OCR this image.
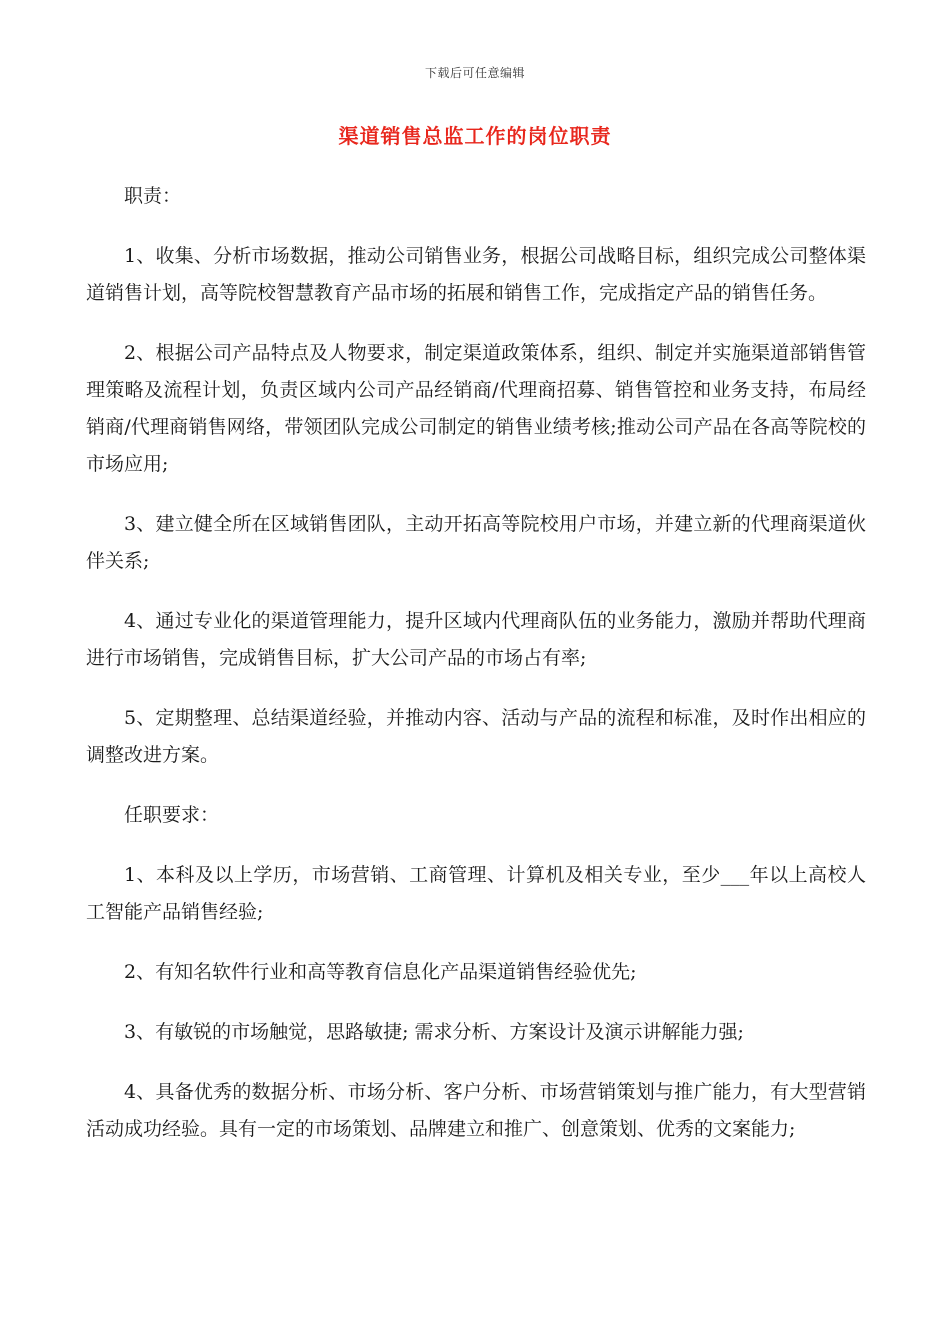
下载后可任意编辑
渠道销售总监工作的岗位职责

职责：

1、收集、分析市场数据，推动公司销售业务，根据公司战略目标，组织完成公司整体渠道销售计划，高等院校智慧教育产品市场的拓展和销售工作，完成指定产品的销售任务。

2、根据公司产品特点及人物要求，制定渠道政策体系，组织、制定并实施渠道部销售管理策略及流程计划，负责区域内公司产品经销商/代理商招募、销售管控和业务支持，布局经销商/代理商销售网络，带领团队完成公司制定的销售业绩考核;推动公司产品在各高等院校的市场应用;

3、建立健全所在区域销售团队，主动开拓高等院校用户市场，并建立新的代理商渠道伙伴关系;

4、通过专业化的渠道管理能力，提升区域内代理商队伍的业务能力，激励并帮助代理商进行市场销售，完成销售目标，扩大公司产品的市场占有率;

5、定期整理、总结渠道经验，并推动内容、活动与产品的流程和标准，及时作出相应的调整改进方案。

任职要求：

1、本科及以上学历，市场营销、工商管理、计算机及相关专业，至少___年以上高校人工智能产品销售经验;

2、有知名软件行业和高等教育信息化产品渠道销售经验优先;

3、有敏锐的市场触觉，思路敏捷; 需求分析、方案设计及演示讲解能力强;

4、具备优秀的数据分析、市场分析、客户分析、市场营销策划与推广能力，有大型营销活动成功经验。具有一定的市场策划、品牌建立和推广、创意策划、优秀的文案能力;
